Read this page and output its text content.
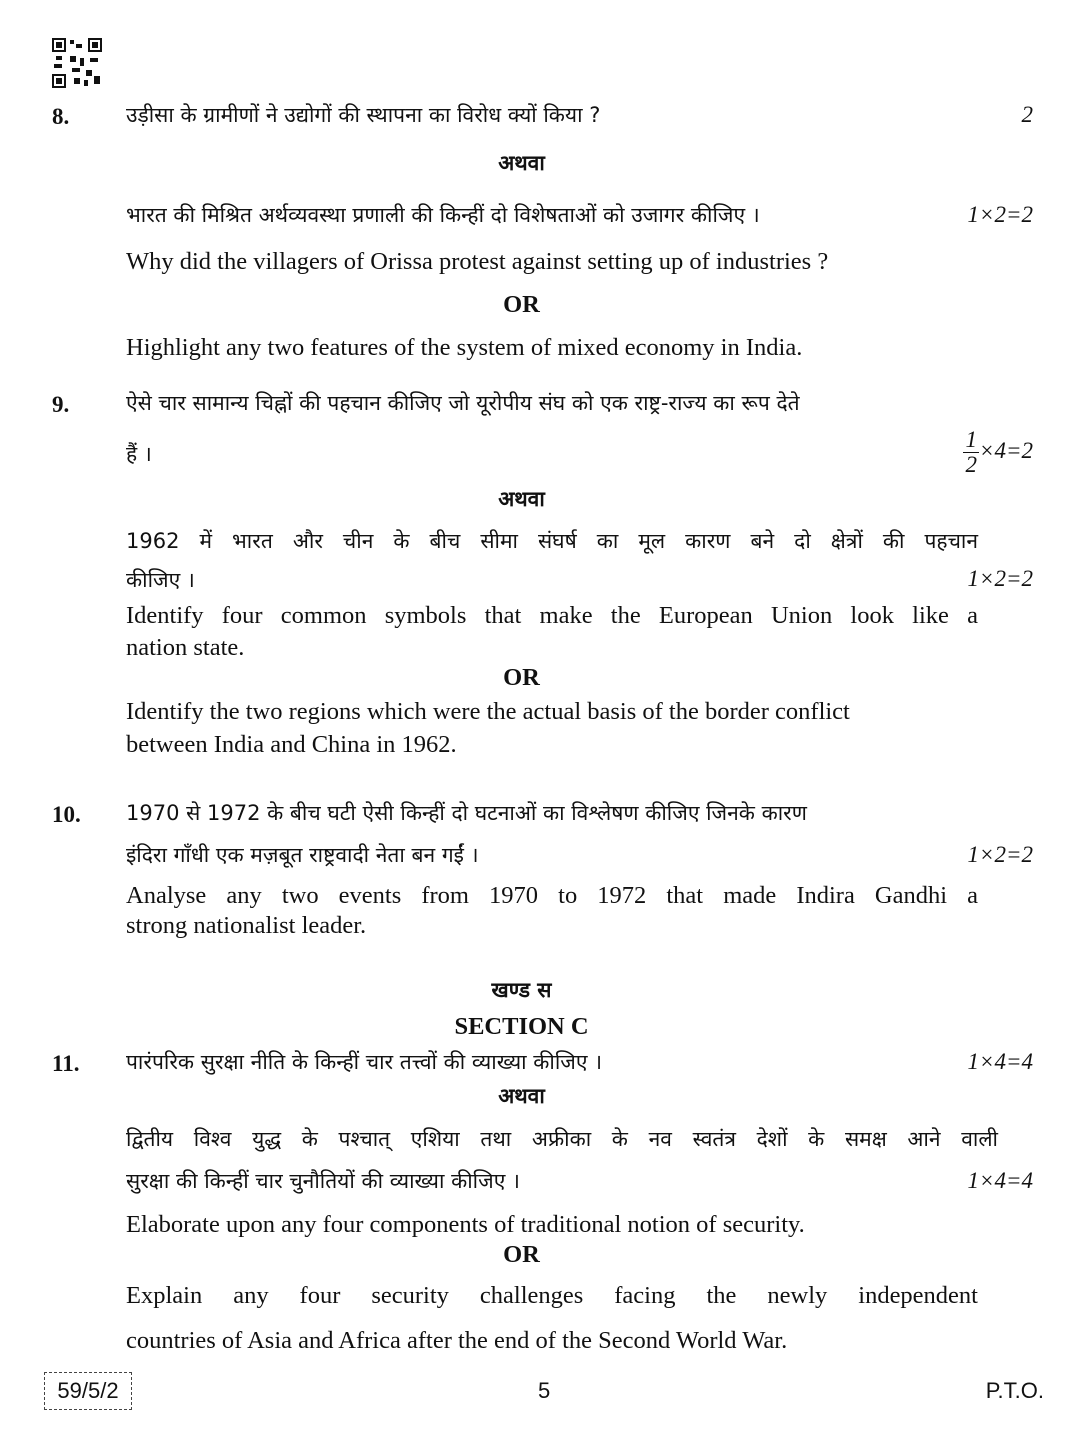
8.	उड़ीसा के ग्रामीणों ने उद्योगों की स्थापना का विरोध क्यों किया ?	2
अथवा
भारत की मिश्रित अर्थव्यवस्था प्रणाली की किन्हीं दो विशेषताओं को उजागर कीजिए ।	1×2=2
Why did the villagers of Orissa protest against setting up of industries ?
OR
Highlight any two features of the system of mixed economy in India.
9.	ऐसे चार सामान्य चिह्नों की पहचान कीजिए जो यूरोपीय संघ को एक राष्ट्र-राज्य का रूप देते
हैं ।	$\frac{1}{2} \times 4=2$
अथवा
1962 में भारत और चीन के बीच सीमा संघर्ष का मूल कारण बने दो क्षेत्रों की पहचान
कीजिए ।	1×2=2
Identify four common symbols that make the European Union look like a
nation state.
OR
Identify the two regions which were the actual basis of the border conflict
between India and China in 1962.
10. 1970 से 1972 के बीच घटी ऐसी किन्हीं दो घटनाओं का विश्लेषण कीजिए जिनके कारण
इंदिरा गाँधी एक मज़बूत राष्ट्रवादी नेता बन गईं ।	1×2=2
Analyse any two events from 1970 to 1972 that made Indira Gandhi a
strong nationalist leader.
खण्ड स
SECTION C
11. पारंपरिक सुरक्षा नीति के किन्हीं चार तत्त्वों की व्याख्या कीजिए ।	1×4=4
अथवा
द्वितीय विश्व युद्ध के पश्चात् एशिया तथा अफ्रीका के नव स्वतंत्र देशों के समक्ष आने वाली
सुरक्षा की किन्हीं चार चुनौतियों की व्याख्या कीजिए ।	1×4=4
Elaborate upon any four components of traditional notion of security.
OR
Explain any four security challenges facing the newly independent
countries of Asia and Africa after the end of the Second World War.
59/5/2	5	P.T.O.
